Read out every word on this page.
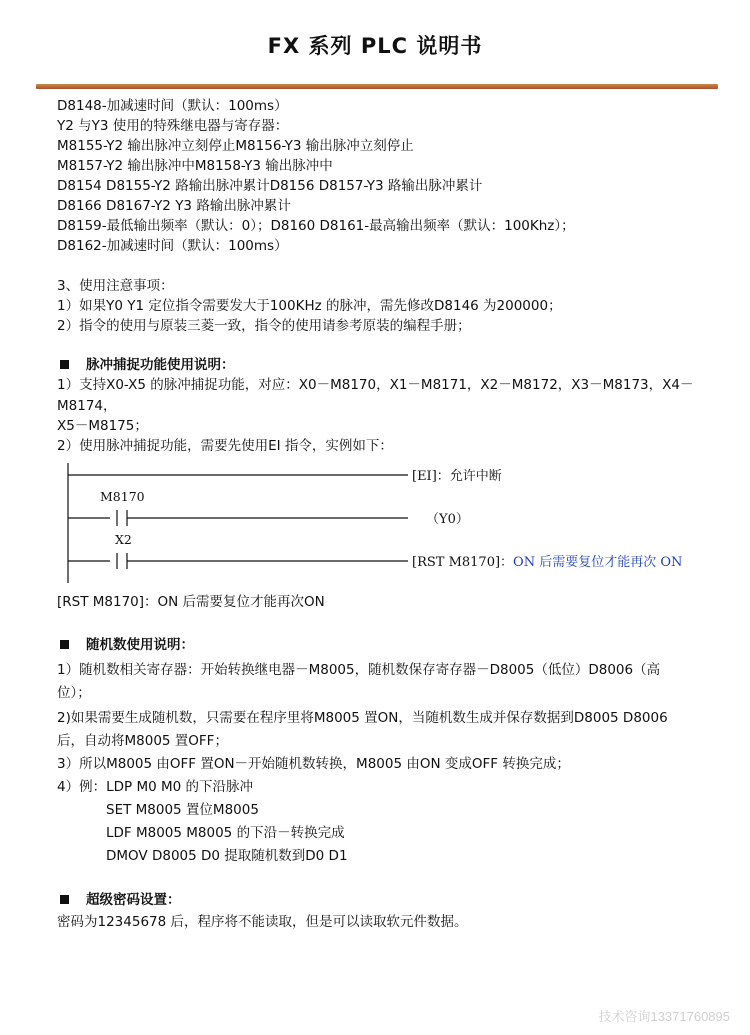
FX 系列 PLC 说明书
D8148-加减速时间（默认：100ms）
Y2 与Y3 使用的特殊继电器与寄存器：
M8155-Y2 输出脉冲立刻停止M8156-Y3 输出脉冲立刻停止
M8157-Y2 输出脉冲中M8158-Y3 输出脉冲中
D8154 D8155-Y2 路输出脉冲累计D8156 D8157-Y3 路输出脉冲累计
D8166 D8167-Y2 Y3 路输出脉冲累计
D8159-最低输出频率（默认：0）；D8160 D8161-最高输出频率（默认：100Khz）；
D8162-加减速时间（默认：100ms）
3、使用注意事项：
1）如果Y0 Y1 定位指令需要发大于100KHz 的脉冲，需先修改D8146 为200000；
2）指令的使用与原装三菱一致，指令的使用请参考原装的编程手册；
脉冲捕捉功能使用说明：
1）支持X0-X5 的脉冲捕捉功能，对应：X0－M8170，X1－M8171，X2－M8172，X3－M8173，X4－
M8174，
X5－M8175；
2）使用脉冲捕捉功能，需要先使用EI 指令，实例如下：
[EI]：允许中断
M8170
（Y0）
X2
[RST M8170]：ON 后需要复位才能再次 ON
[RST M8170]：ON 后需要复位才能再次ON
随机数使用说明：
1）随机数相关寄存器：开始转换继电器－M8005，随机数保存寄存器－D8005（低位）D8006（高
位）；
2)如果需要生成随机数，只需要在程序里将M8005 置ON，当随机数生成并保存数据到D8005 D8006
后，自动将M8005 置OFF；
3）所以M8005 由OFF 置ON－开始随机数转换，M8005 由ON 变成OFF 转换完成；
4）例：LDP M0 M0 的下沿脉冲
SET M8005 置位M8005
LDF M8005 M8005 的下沿－转换完成
DMOV D8005 D0 提取随机数到D0 D1
超级密码设置：
密码为12345678 后，程序将不能读取，但是可以读取软元件数据。
技术咨询13371760895
